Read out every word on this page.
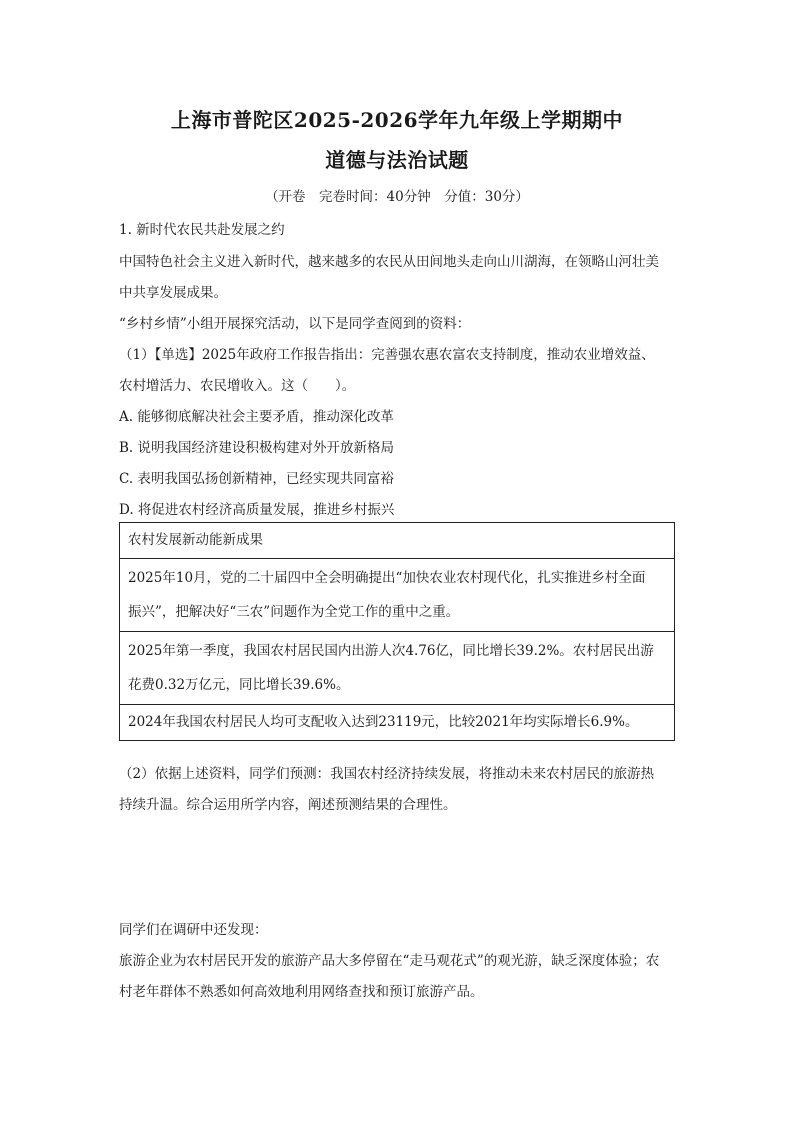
上海市普陀区2025-2026学年九年级上学期期中
道德与法治试题
（开卷　完卷时间：40分钟　分值：30分）
1. 新时代农民共赴发展之约
中国特色社会主义进入新时代，越来越多的农民从田间地头走向山川湖海，在领略山河壮美
中共享发展成果。
“乡村乡情”小组开展探究活动，以下是同学查阅到的资料：
（1）【单选】2025年政府工作报告指出：完善强农惠农富农支持制度，推动农业增效益、
农村增活力、农民增收入。这（　　）。
A. 能够彻底解决社会主要矛盾，推动深化改革
B. 说明我国经济建设积极构建对外开放新格局
C. 表明我国弘扬创新精神，已经实现共同富裕
D. 将促进农村经济高质量发展，推进乡村振兴
农村发展新动能新成果

2025年10月，党的二十届四中全会明确提出“加快农业农村现代化，扎实推进乡村全面
振兴”，把解决好“三农”问题作为全党工作的重中之重。

2025年第一季度，我国农村居民国内出游人次4.76亿，同比增长39.2%。农村居民出游
花费0.32万亿元，同比增长39.6%。

2024年我国农村居民人均可支配收入达到23119元，比较2021年均实际增长6.9%。
（2）依据上述资料，同学们预测：我国农村经济持续发展，将推动未来农村居民的旅游热
持续升温。综合运用所学内容，阐述预测结果的合理性。
同学们在调研中还发现：
旅游企业为农村居民开发的旅游产品大多停留在“走马观花式”的观光游，缺乏深度体验；农
村老年群体不熟悉如何高效地利用网络查找和预订旅游产品。
